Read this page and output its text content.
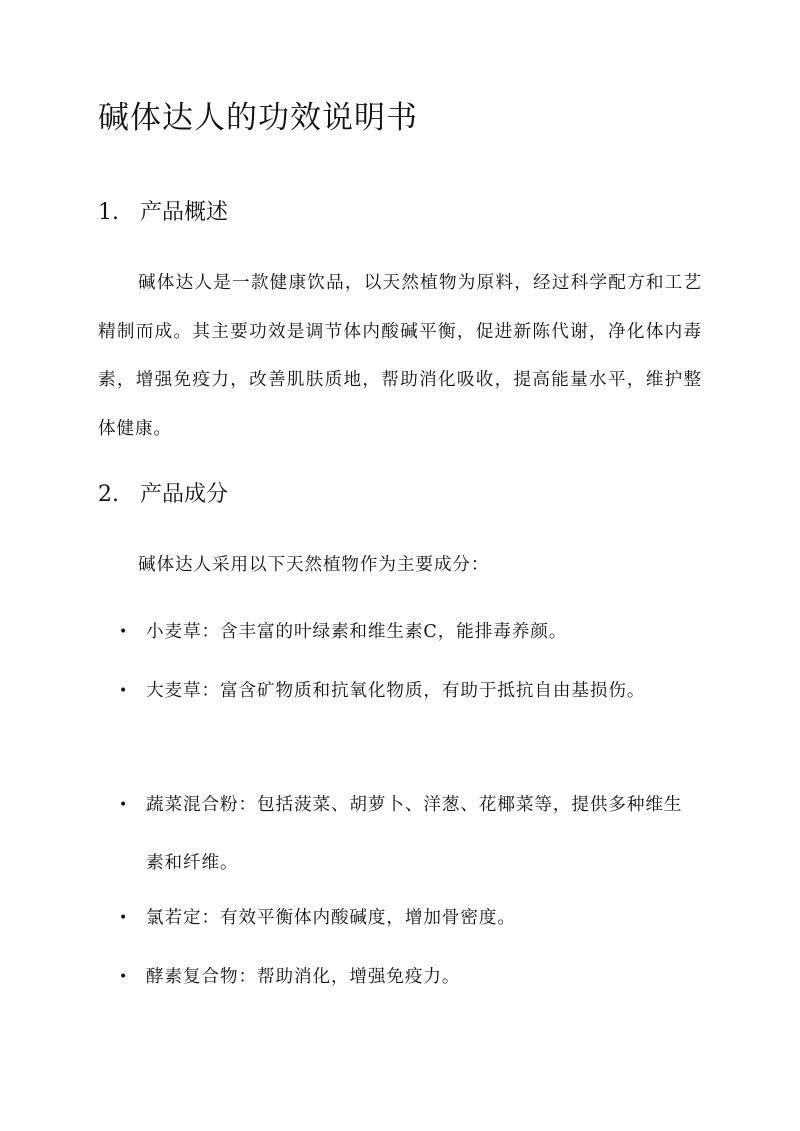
碱体达人的功效说明书
1. 产品概述

碱体达人是一款健康饮品，以天然植物为原料，经过科学配方和工艺精制而成。其主要功效是调节体内酸碱平衡，促进新陈代谢，净化体内毒素，增强免疫力，改善肌肤质地，帮助消化吸收，提高能量水平，维护整体健康。

2. 产品成分

碱体达人采用以下天然植物作为主要成分：

• 小麦草：含丰富的叶绿素和维生素C，能排毒养颜。
• 大麦草：富含矿物质和抗氧化物质，有助于抵抗自由基损伤。
• 蔬菜混合粉：包括菠菜、胡萝卜、洋葱、花椰菜等，提供多种维生素和纤维。
• 氯若定：有效平衡体内酸碱度，增加骨密度。
• 酵素复合物：帮助消化，增强免疫力。
